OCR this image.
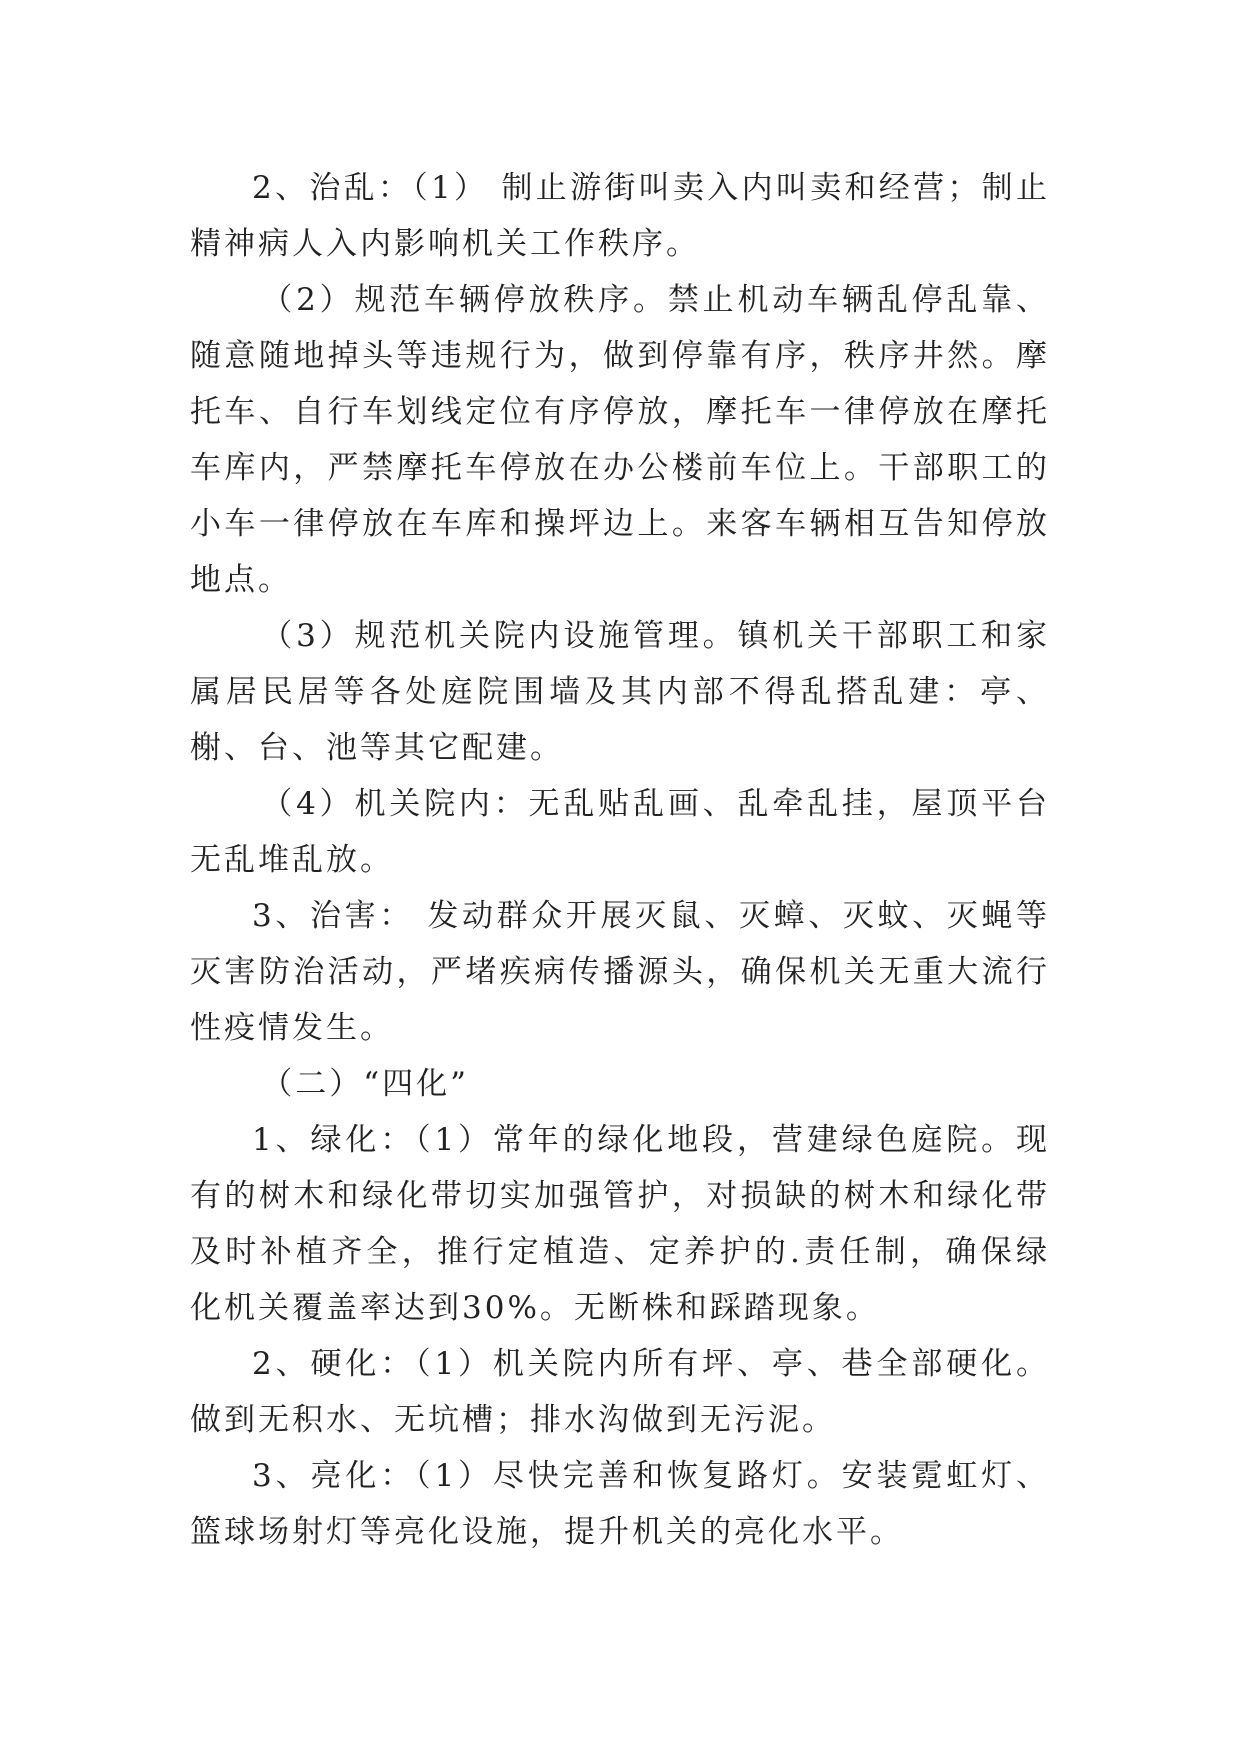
2、治乱：（1） 制止游街叫卖入内叫卖和经营；制止精神病人入内影响机关工作秩序。

（2）规范车辆停放秩序。禁止机动车辆乱停乱靠、随意随地掉头等违规行为，做到停靠有序，秩序井然。摩托车、自行车划线定位有序停放，摩托车一律停放在摩托车库内，严禁摩托车停放在办公楼前车位上。干部职工的小车一律停放在车库和操坪边上。来客车辆相互告知停放地点。

（3）规范机关院内设施管理。镇机关干部职工和家属居民居等各处庭院围墙及其内部不得乱搭乱建：亭、榭、台、池等其它配建。

（4）机关院内：无乱贴乱画、乱牵乱挂，屋顶平台无乱堆乱放。

3、治害： 发动群众开展灭鼠、灭蟑、灭蚊、灭蝇等灭害防治活动，严堵疾病传播源头，确保机关无重大流行性疫情发生。

（二）“四化”

1、绿化：（1）常年的绿化地段，营建绿色庭院。现有的树木和绿化带切实加强管护，对损缺的树木和绿化带及时补植齐全，推行定植造、定养护的.责任制，确保绿化机关覆盖率达到30%。无断株和踩踏现象。

2、硬化：（1）机关院内所有坪、亭、巷全部硬化。做到无积水、无坑槽；排水沟做到无污泥。

3、亮化：（1）尽快完善和恢复路灯。安装霓虹灯、篮球场射灯等亮化设施，提升机关的亮化水平。
